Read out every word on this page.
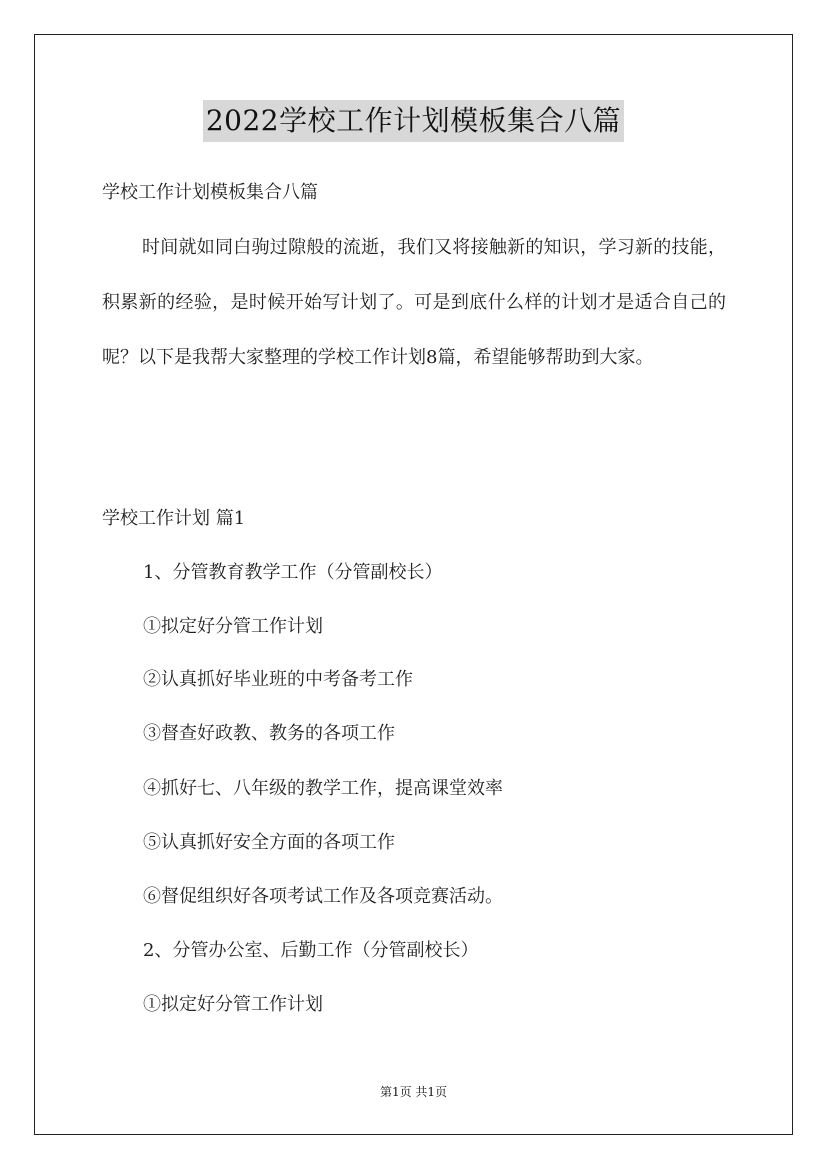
2022学校工作计划模板集合八篇
学校工作计划模板集合八篇
时间就如同白驹过隙般的流逝，我们又将接触新的知识，学习新的技能，积累新的经验，是时候开始写计划了。可是到底什么样的计划才是适合自己的呢？以下是我帮大家整理的学校工作计划8篇，希望能够帮助到大家。
学校工作计划 篇1
1、分管教育教学工作（分管副校长）
①拟定好分管工作计划
②认真抓好毕业班的中考备考工作
③督查好政教、教务的各项工作
④抓好七、八年级的教学工作，提高课堂效率
⑤认真抓好安全方面的各项工作
⑥督促组织好各项考试工作及各项竞赛活动。
2、分管办公室、后勤工作（分管副校长）
①拟定好分管工作计划
第1页 共1页
